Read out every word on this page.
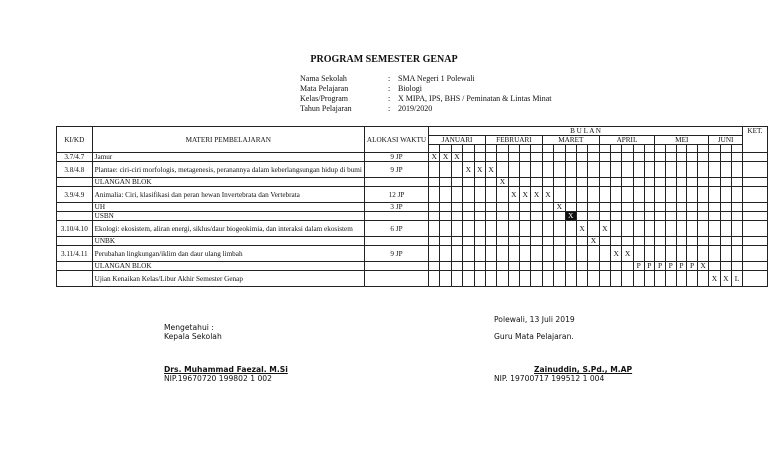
PROGRAM SEMESTER GENAP
Nama Sekolah	: SMA Negeri 1 Polewali
Mata Pelajaran	: Biologi
Kelas/Program	: X MIPA, IPS, BHS / Peminatan & Lintas Minat
Tahun Pelajaran	: 2019/2020
KI/KD	MATERI PEMBELAJARAN	ALOKASI WAKTU	B U L A N																												KET.
			JANUARI					FEBRUARI					MARET					APRIL					MEI					JUNI			

3.7/4.7	Jamur	9 JP	X	X	X																										
3.8/4.8	Plantae: ciri-ciri morfologis, metagenesis, peranannya dalam keberlangsungan hidup di bumi	9 JP				X	X	X																							
	ULANGAN BLOK								X																						
3.9/4.9	Animalia: Ciri, klasifikasi dan peran hewan Invertebrata dan Vertebrata	12 JP								X	X	X	X																		
	UH	3 JP												X																	
	USBN														X																
3.10/4.10	Ekologi: ekosistem, aliran energi, siklus/daur biogeokimia, dan interaksi dalam ekosistem	6 JP														X		X													
	UNBK																X														
3.11/4.11	Perubahan lingkungan/iklim dan daur ulang limbah	9 JP																	X	X											
	ULANGAN BLOK																				P	P	P	P	P	P	X				
	Ujian Kenaikan Kelas/Libur Akhir Semester Genap																											X	X	L	
Mengetahui :
Kepala Sekolah
Drs. Muhammad Faezal. M.Si
NIP.19670720 199802 1 002
Polewali, 13 Juli 2019
Guru Mata Pelajaran.
Zainuddin, S.Pd., M.AP
NIP. 19700717 199512 1 004
